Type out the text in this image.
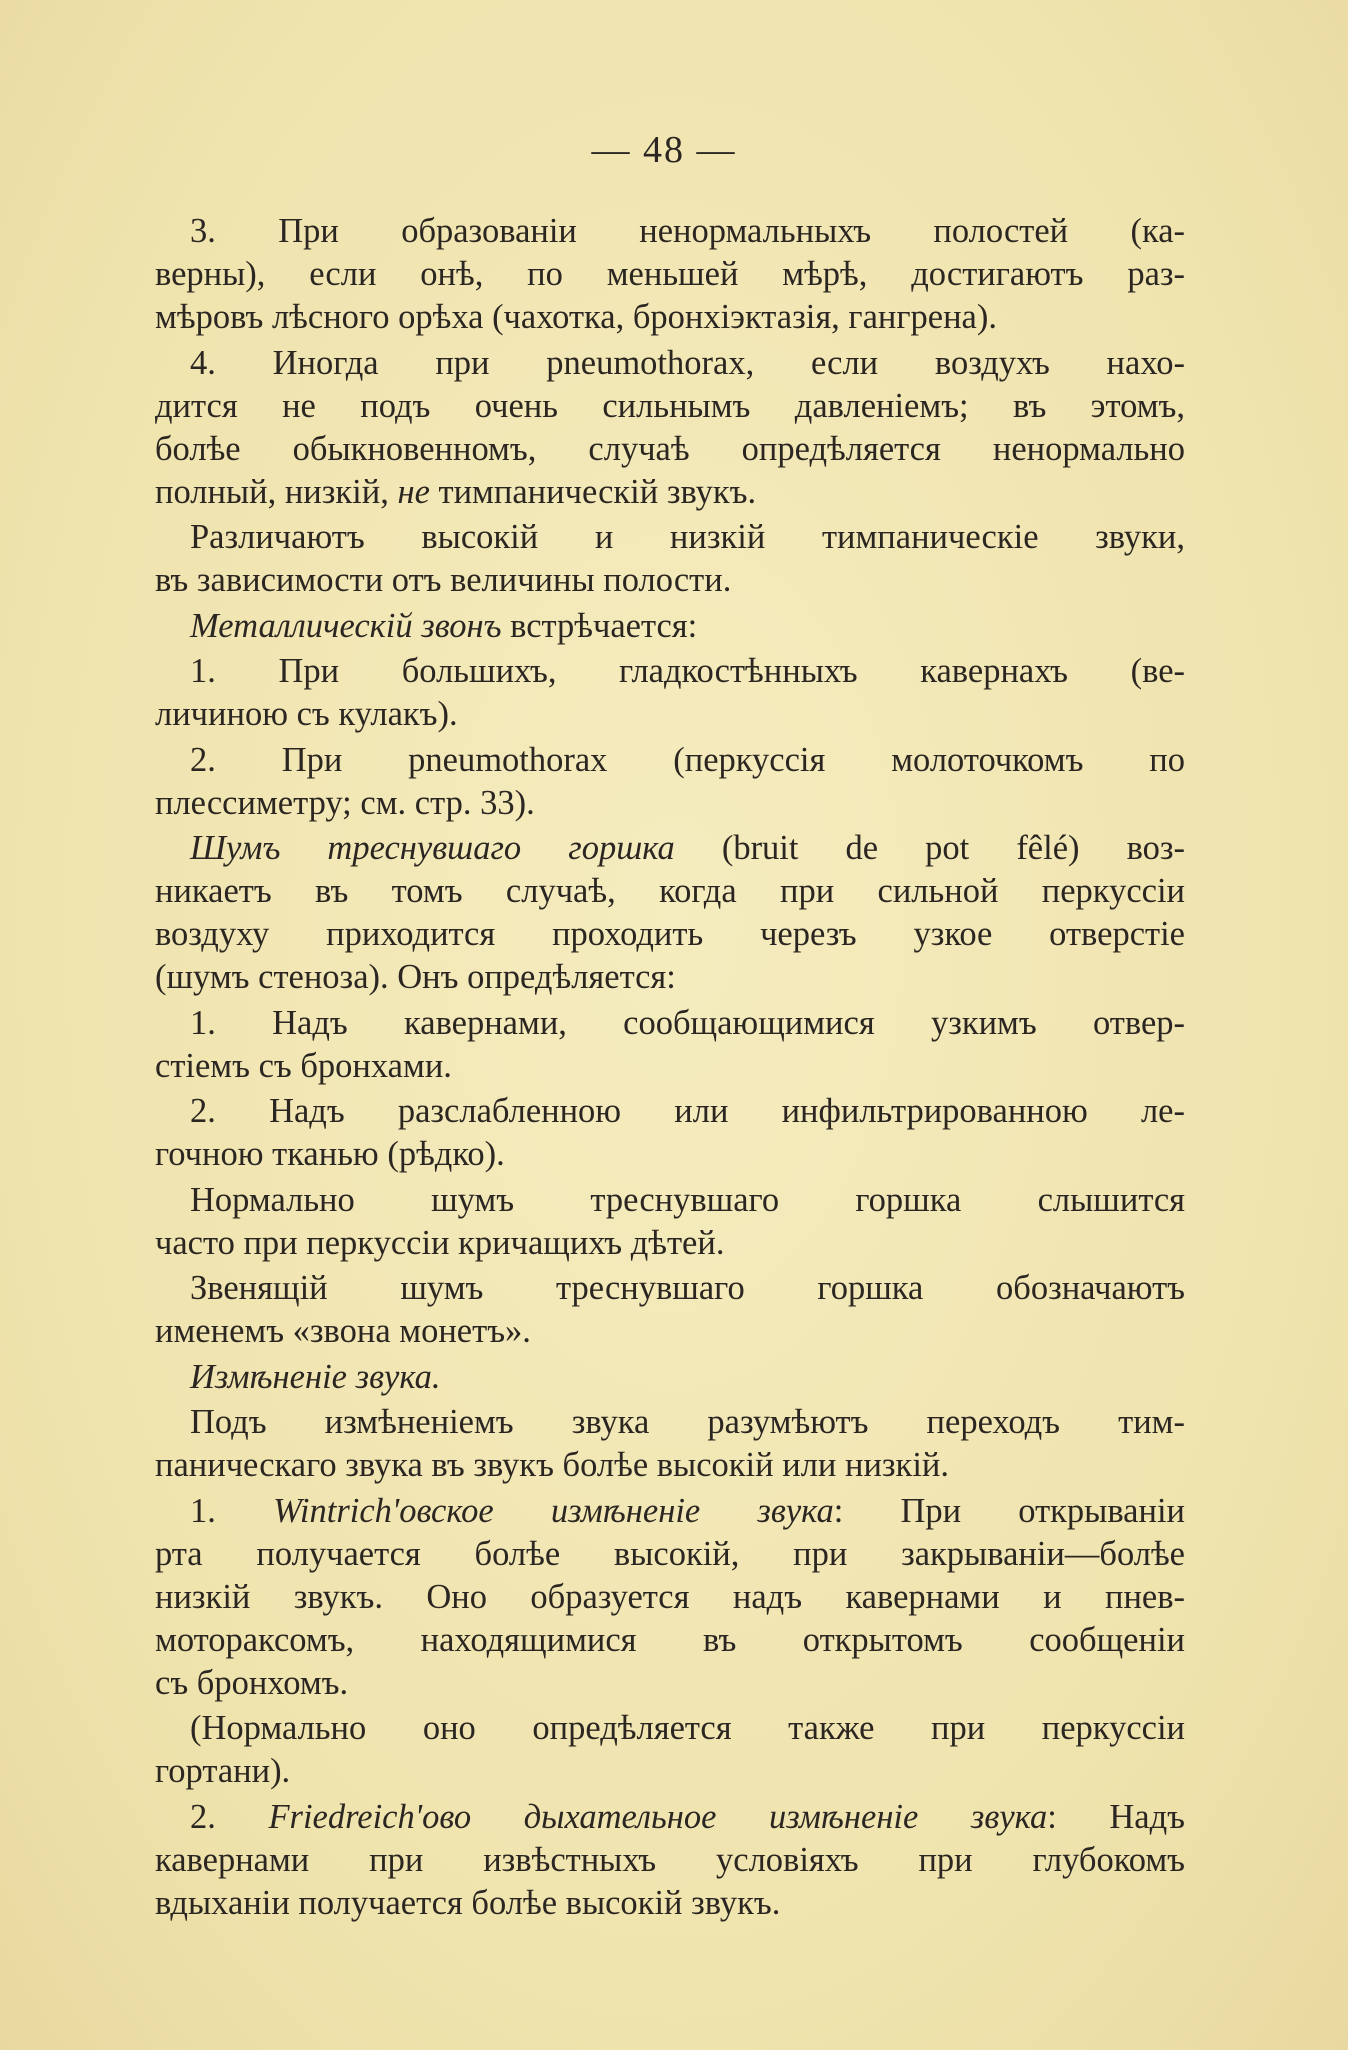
— 48 —
3. При образованіи ненормальныхъ полостей (ка-
верны), если онѣ, по меньшей мѣрѣ, достигаютъ раз-
мѣровъ лѣсного орѣха (чахотка, бронхіэктазія, гангрена).
4. Иногда при pneumothorax, если воздухъ нахо-
дится не подъ очень сильнымъ давленіемъ; въ этомъ,
болѣе обыкновенномъ, случаѣ опредѣляется ненормально
полный, низкій, не тимпаническій звукъ.
Различаютъ высокій и низкій тимпаническіе звуки,
въ зависимости отъ величины полости.
Металлическій звонъ встрѣчается:
1. При большихъ, гладкостѣнныхъ кавернахъ (ве-
личиною съ кулакъ).
2. При pneumothorax (перкуссія молоточкомъ по
плессиметру; см. стр. 33).
Шумъ треснувшаго горшка (bruit de pot fêlé) воз-
никаетъ въ томъ случаѣ, когда при сильной перкуссіи
воздуху приходится проходить черезъ узкое отверстіе
(шумъ стеноза). Онъ опредѣляется:
1. Надъ кавернами, сообщающимися узкимъ отвер-
стіемъ съ бронхами.
2. Надъ разслабленною или инфильтрированною ле-
гочною тканью (рѣдко).
Нормально шумъ треснувшаго горшка слышится
часто при перкуссіи кричащихъ дѣтей.
Звенящій шумъ треснувшаго горшка обозначаютъ
именемъ «звона монетъ».
Измѣненіе звука.
Подъ измѣненіемъ звука разумѣютъ переходъ тим-
паническаго звука въ звукъ болѣе высокій или низкій.
1. Wintrich'овское измѣненіе звука: При открываніи
рта получается болѣе высокій, при закрываніи—болѣе
низкій звукъ. Оно образуется надъ кавернами и пнев-
мотораксомъ, находящимися въ открытомъ сообщеніи
съ бронхомъ.
(Нормально оно опредѣляется также при перкуссіи
гортани).
2. Friedreich'ово дыхательное измѣненіе звука: Надъ
кавернами при извѣстныхъ условіяхъ при глубокомъ
вдыханіи получается болѣе высокій звукъ.
